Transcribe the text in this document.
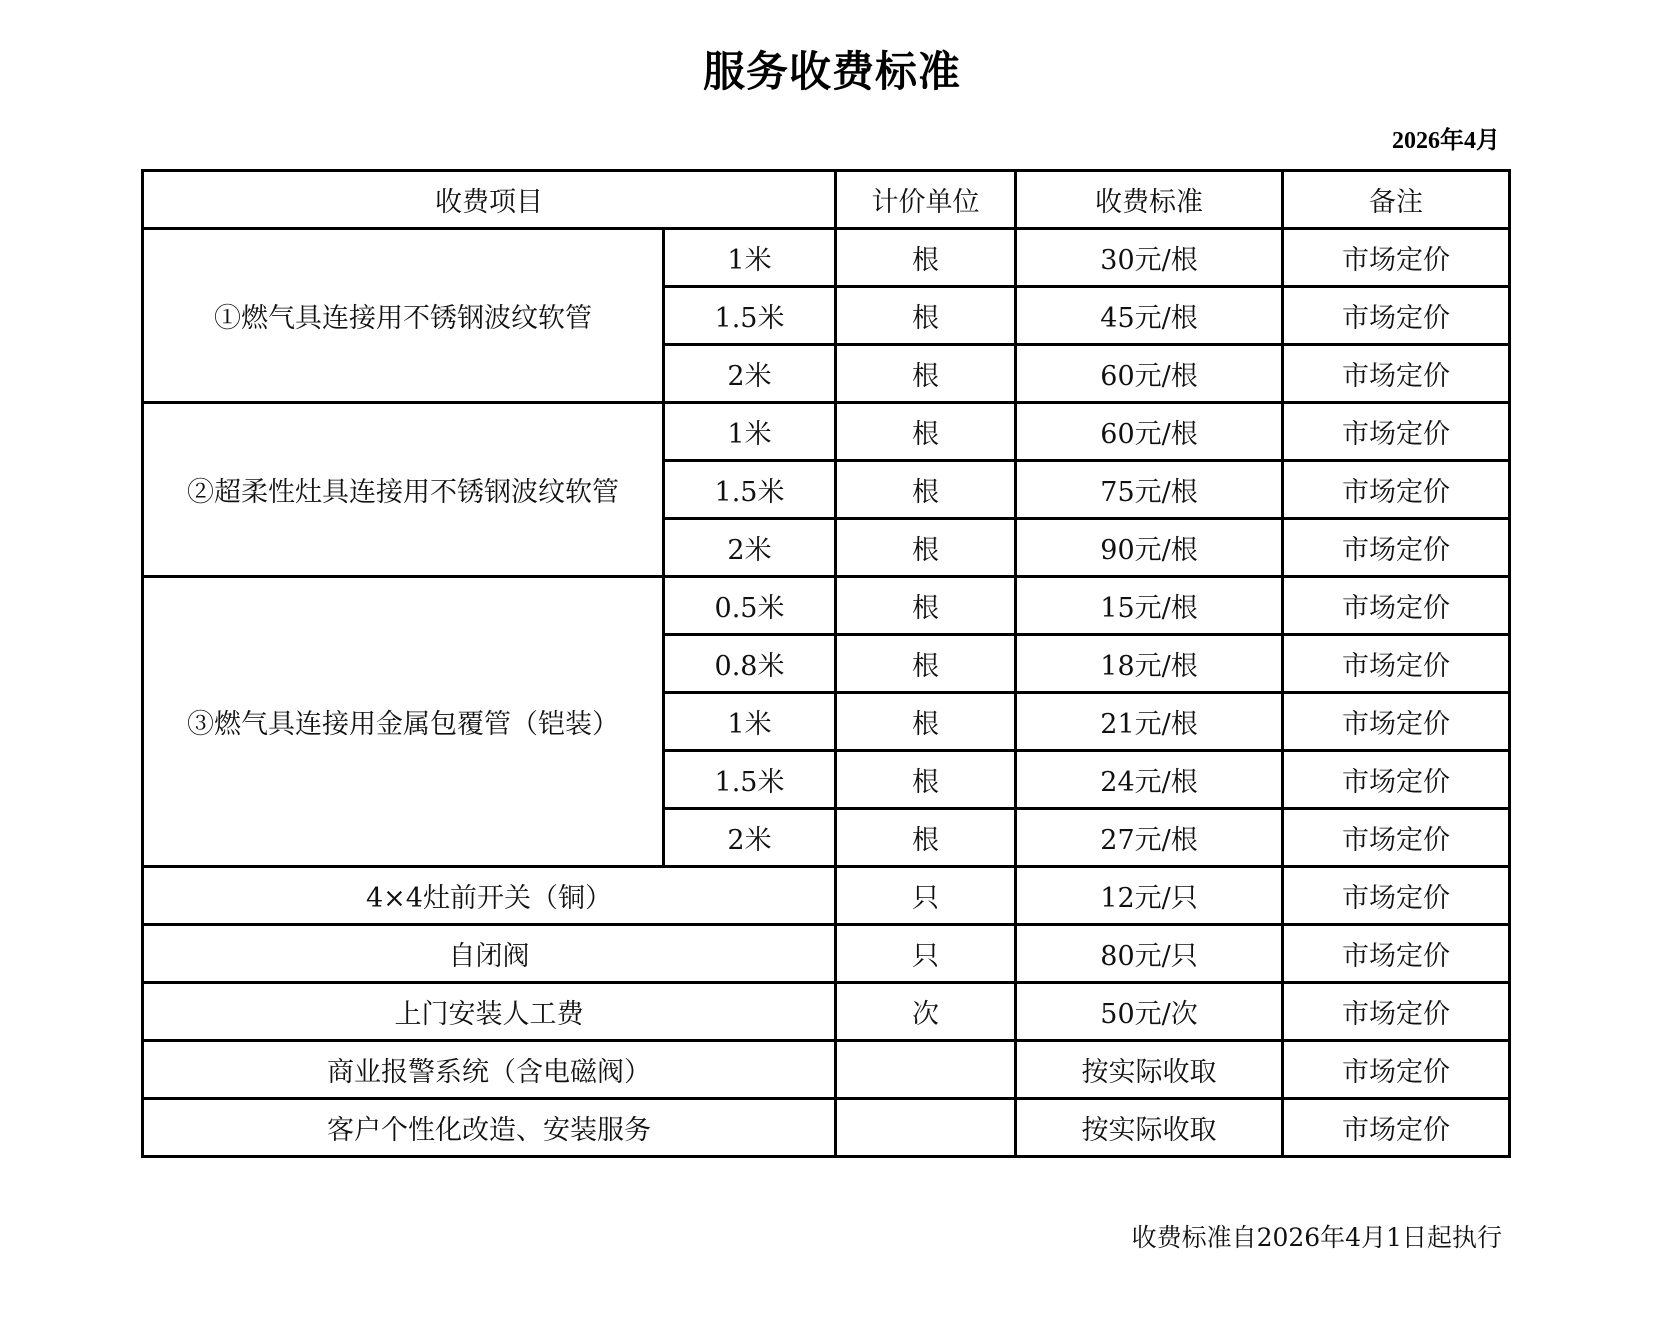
服务收费标准
2026年4月
收费项目		计价单位	收费标准	备注
①燃气具连接用不锈钢波纹软管	1米	根	30元/根	市场定价
	1.5米	根	45元/根	市场定价
	2米	根	60元/根	市场定价
②超柔性灶具连接用不锈钢波纹软管	1米	根	60元/根	市场定价
	1.5米	根	75元/根	市场定价
	2米	根	90元/根	市场定价
③燃气具连接用金属包覆管（铠装）	0.5米	根	15元/根	市场定价
	0.8米	根	18元/根	市场定价
	1米	根	21元/根	市场定价
	1.5米	根	24元/根	市场定价
	2米	根	27元/根	市场定价
4×4灶前开关（铜）		只	12元/只	市场定价
自闭阀		只	80元/只	市场定价
上门安装人工费		次	50元/次	市场定价
商业报警系统（含电磁阀）			按实际收取	市场定价
客户个性化改造、安装服务			按实际收取	市场定价
收费标准自2026年4月1日起执行
